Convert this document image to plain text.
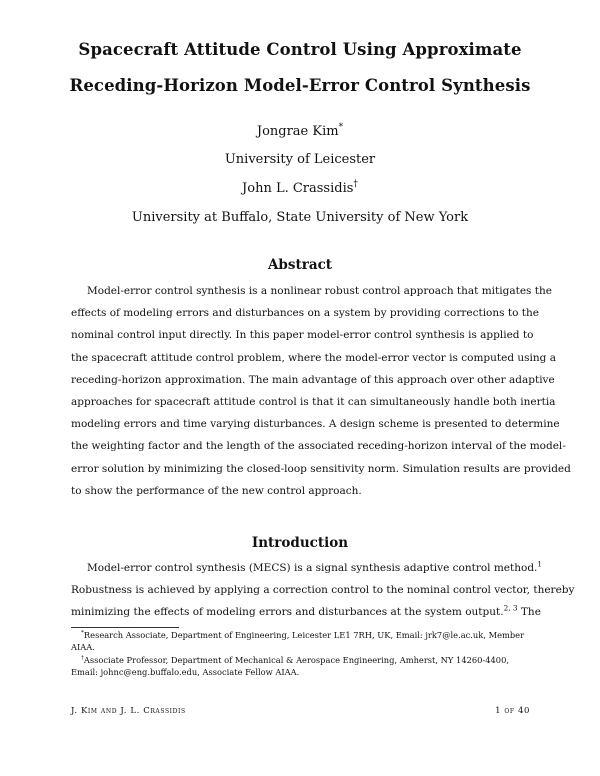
Spacecraft Attitude Control Using Approximate
Receding-Horizon Model-Error Control Synthesis
Jongrae Kim*
University of Leicester
John L. Crassidis†
University at Buffalo, State University of New York
Abstract
Model-error control synthesis is a nonlinear robust control approach that mitigates the
effects of modeling errors and disturbances on a system by providing corrections to the
nominal control input directly. In this paper model-error control synthesis is applied to
the spacecraft attitude control problem, where the model-error vector is computed using a
receding-horizon approximation. The main advantage of this approach over other adaptive
approaches for spacecraft attitude control is that it can simultaneously handle both inertia
modeling errors and time varying disturbances. A design scheme is presented to determine
the weighting factor and the length of the associated receding-horizon interval of the model-
error solution by minimizing the closed-loop sensitivity norm. Simulation results are provided
to show the performance of the new control approach.
Introduction
Model-error control synthesis (MECS) is a signal synthesis adaptive control method.$^1$
Robustness is achieved by applying a correction control to the nominal control vector, thereby
minimizing the effects of modeling errors and disturbances at the system output.$^{2, 3}$ The
*Research Associate, Department of Engineering, Leicester LE1 7RH, UK, Email: jrk7@le.ac.uk, Member
AIAA.
†Associate Professor, Department of Mechanical & Aerospace Engineering, Amherst, NY 14260-4400,
Email: johnc@eng.buffalo.edu, Associate Fellow AIAA.
J. Kim and J. L. Crassidis	1 of 40
